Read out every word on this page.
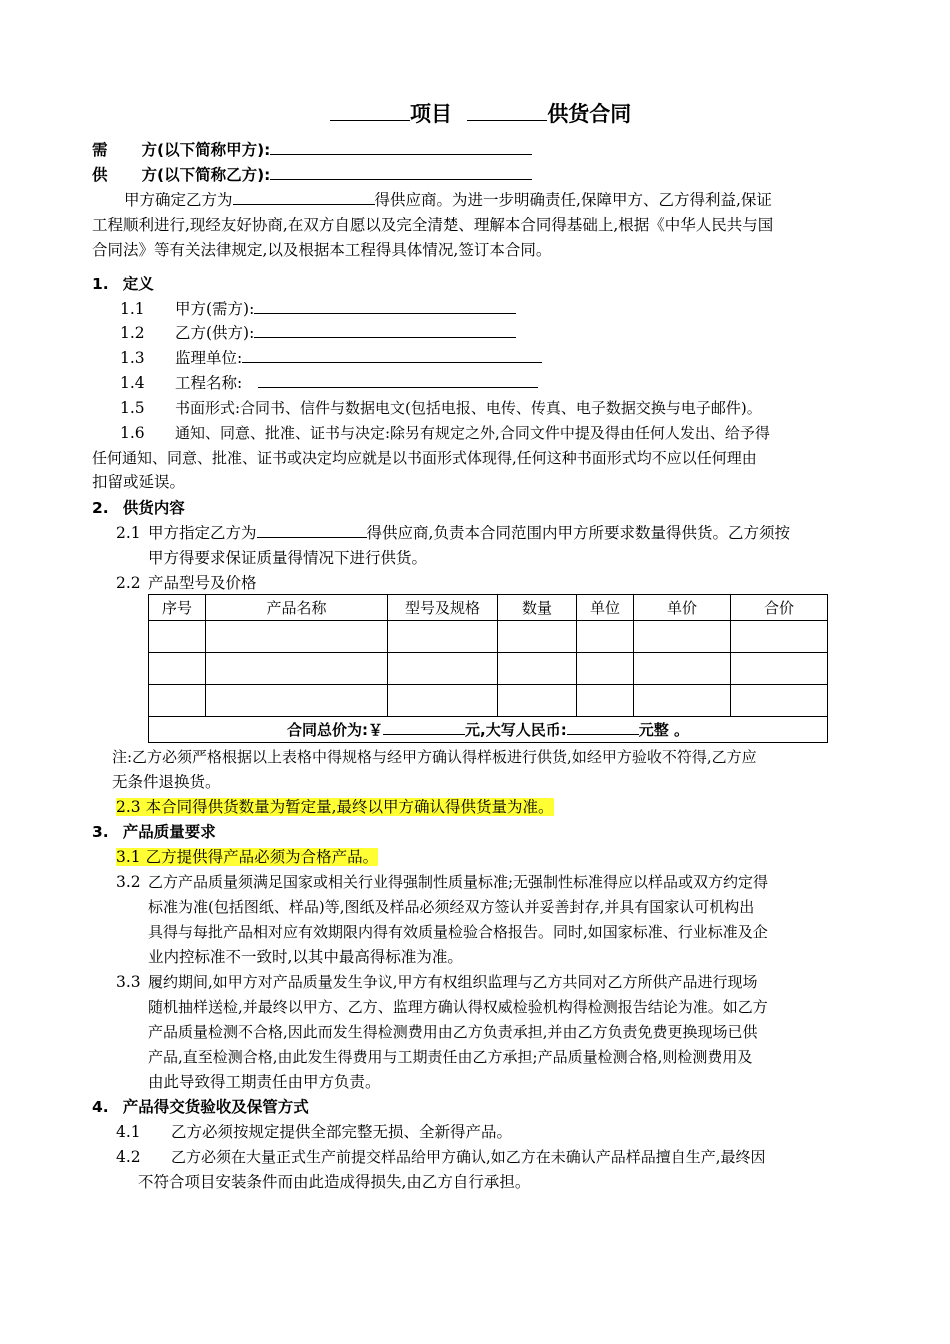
项目	供货合同
需 方(以下简称甲方):
供 方(以下简称乙方):
甲方确定乙方为	得供应商。为进一步明确责任,保障甲方、乙方得利益,保证
工程顺利进行,现经友好协商,在双方自愿以及完全清楚、理解本合同得基础上,根据《中华人民共与国
合同法》等有关法律规定,以及根据本工程得具体情况,签订本合同。
1. 定义
1.1 甲方(需方):
1.2 乙方(供方):
1.3 监理单位:
1.4 工程名称:
1.5 书面形式:合同书、信件与数据电文(包括电报、电传、传真、电子数据交换与电子邮件)。
1.6 通知、同意、批准、证书与决定:除另有规定之外,合同文件中提及得由任何人发出、给予得
任何通知、同意、批准、证书或决定均应就是以书面形式体现得,任何这种书面形式均不应以任何理由
扣留或延误。
2. 供货内容
2.1 甲方指定乙方为	得供应商,负责本合同范围内甲方所要求数量得供货。乙方须按
甲方得要求保证质量得情况下进行供货。
2.2 产品型号及价格
序号	产品名称	型号及规格	数量	单位	单价	合价

合同总价为:￥ 元,大写人民币: 元整 。						
注:乙方必须严格根据以上表格中得规格与经甲方确认得样板进行供货,如经甲方验收不符得,乙方应
无条件退换货。
2.3 本合同得供货数量为暂定量,最终以甲方确认得供货量为准。
3. 产品质量要求
3.1 乙方提供得产品必须为合格产品。
3.2 乙方产品质量须满足国家或相关行业得强制性质量标准;无强制性标准得应以样品或双方约定得
标准为准(包括图纸、样品)等,图纸及样品必须经双方签认并妥善封存,并具有国家认可机构出
具得与每批产品相对应有效期限内得有效质量检验合格报告。同时,如国家标准、行业标准及企
业内控标准不一致时,以其中最高得标准为准。
3.3 履约期间,如甲方对产品质量发生争议,甲方有权组织监理与乙方共同对乙方所供产品进行现场
随机抽样送检,并最终以甲方、乙方、监理方确认得权威检验机构得检测报告结论为准。如乙方
产品质量检测不合格,因此而发生得检测费用由乙方负责承担,并由乙方负责免费更换现场已供
产品,直至检测合格,由此发生得费用与工期责任由乙方承担;产品质量检测合格,则检测费用及
由此导致得工期责任由甲方负责。
4. 产品得交货验收及保管方式
4.1 乙方必须按规定提供全部完整无损、全新得产品。
4.2 乙方必须在大量正式生产前提交样品给甲方确认,如乙方在未确认产品样品擅自生产,最终因
不符合项目安装条件而由此造成得损失,由乙方自行承担。
